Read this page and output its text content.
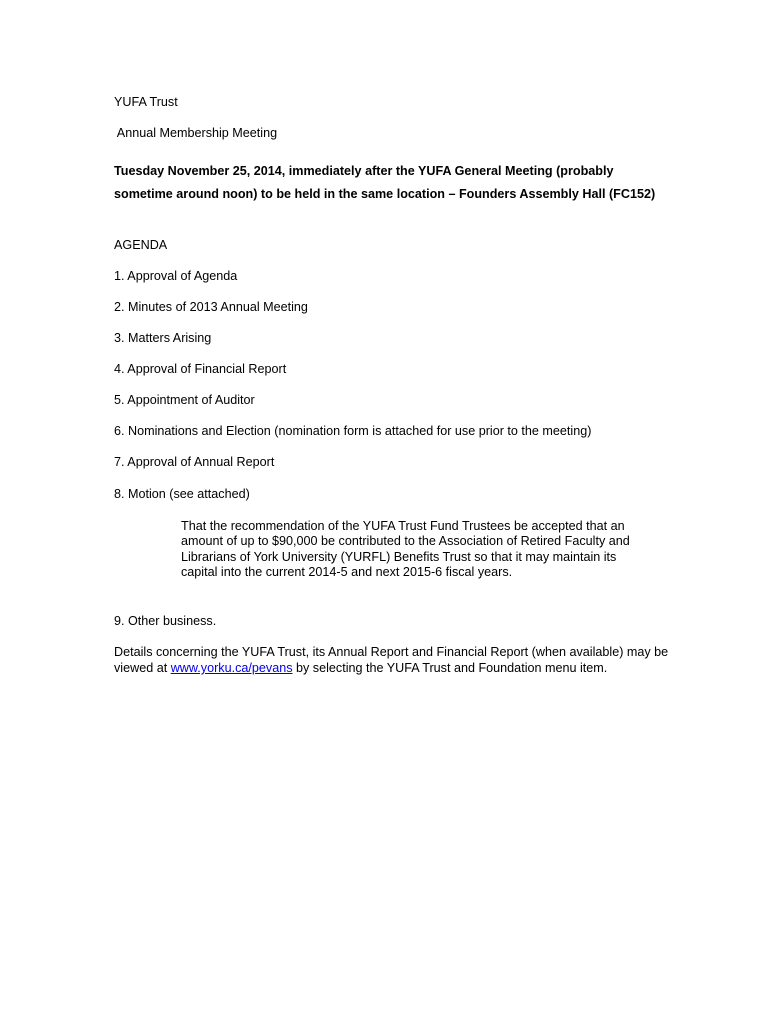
YUFA Trust
Annual Membership Meeting
Tuesday November 25, 2014, immediately after the YUFA General Meeting (probably
sometime around noon) to be held in the same location – Founders Assembly Hall (FC152)
AGENDA
1. Approval of Agenda
2. Minutes of 2013 Annual Meeting
3. Matters Arising
4. Approval of Financial Report
5. Appointment of Auditor
6. Nominations and Election (nomination form is attached for use prior to the meeting)
7. Approval of Annual Report
8. Motion (see attached)
That the recommendation of the YUFA Trust Fund Trustees be accepted that an amount of up to $90,000 be contributed to the Association of Retired Faculty and Librarians of York University (YURFL) Benefits Trust so that it may maintain its capital into the current 2014-5 and next 2015-6 fiscal years.
9. Other business.
Details concerning the YUFA Trust, its Annual Report and Financial Report (when available) may be viewed at www.yorku.ca/pevans by selecting the YUFA Trust and Foundation menu item.
